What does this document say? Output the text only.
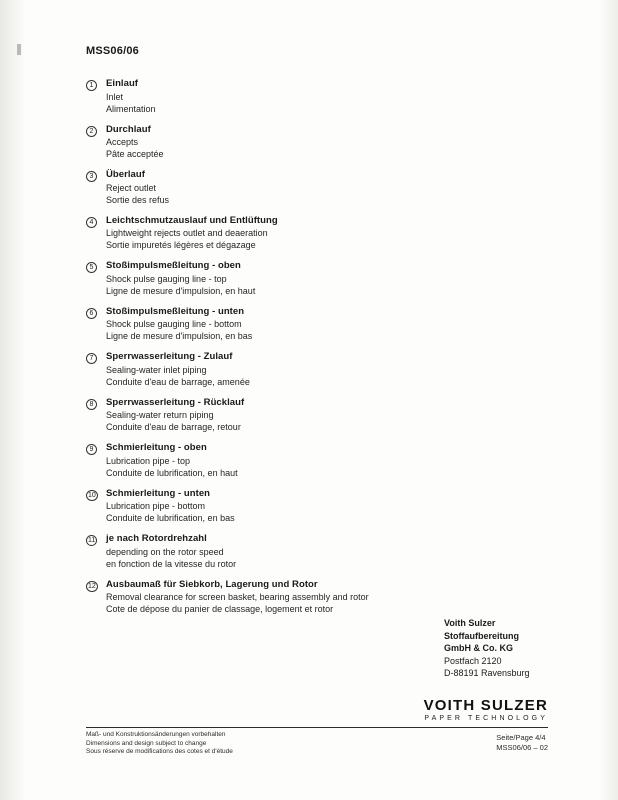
MSS06/06
1	Einlauf
Inlet
Alimentation
2	Durchlauf
Accepts
Pâte acceptée
3	Überlauf
Reject outlet
Sortie des refus
4	Leichtschmutzauslauf und Entlüftung
Lightweight rejects outlet and deaeration
Sortie impuretés légères et dégazage
5	Stoßimpulsmeßleitung - oben
Shock pulse gauging line - top
Ligne de mesure d'impulsion, en haut
6	Stoßimpulsmeßleitung - unten
Shock pulse gauging line - bottom
Ligne de mesure d'impulsion, en bas
7	Sperrwasserleitung - Zulauf
Sealing-water inlet piping
Conduite d'eau de barrage, amenée
8	Sperrwasserleitung - Rücklauf
Sealing-water return piping
Conduite d'eau de barrage, retour
9	Schmierleitung - oben
Lubrication pipe - top
Conduite de lubrification, en haut
10	Schmierleitung - unten
Lubrication pipe - bottom
Conduite de lubrification, en bas
11	je nach Rotordrehzahl
depending on the rotor speed
en fonction de la vitesse du rotor
12	Ausbaumaß für Siebkorb, Lagerung und Rotor
Removal clearance for screen basket, bearing assembly and rotor
Cote de dépose du panier de classage, logement et rotor
Voith Sulzer
Stoffaufbereitung
GmbH & Co. KG
Postfach 2120
D-88191 Ravensburg
VOITH SULZER
PAPER TECHNOLOGY
Maß- und Konstruktionsänderungen vorbehalten
Dimensions and design subject to change
Sous réserve de modifications des cotes et d'étude
Seite/Page 4/4
MSS06/06 – 02
